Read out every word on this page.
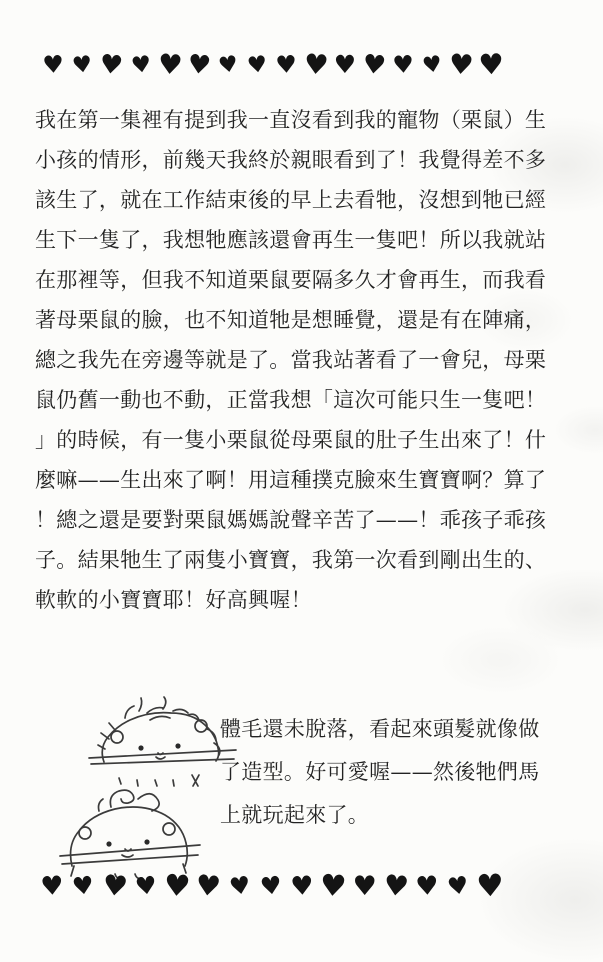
♥ ♥ ♥ ♥ ♥ ♥ ♥ ♥ ♥ ♥ ♥ ♥ ♥ ♥ ♥ ♥
我在第一集裡有提到我一直沒看到我的寵物（栗鼠）生
小孩的情形，前幾天我終於親眼看到了！我覺得差不多
該生了，就在工作結束後的早上去看牠，沒想到牠已經
生下一隻了，我想牠應該還會再生一隻吧！所以我就站
在那裡等，但我不知道栗鼠要隔多久才會再生，而我看
著母栗鼠的臉，也不知道牠是想睡覺，還是有在陣痛，
總之我先在旁邊等就是了。當我站著看了一會兒，母栗
鼠仍舊一動也不動，正當我想「這次可能只生一隻吧！
」的時候，有一隻小栗鼠從母栗鼠的肚子生出來了！什
麼嘛——生出來了啊！用這種撲克臉來生寶寶啊？算了
！總之還是要對栗鼠媽媽說聲辛苦了——！乖孩子乖孩
子。結果牠生了兩隻小寶寶，我第一次看到剛出生的、
軟軟的小寶寶耶！好高興喔！
體毛還未脫落，看起來頭髮就像做
了造型。好可愛喔——然後牠們馬
上就玩起來了。
♥ ♥ ♥ ♥ ♥ ♥ ♥ ♥ ♥ ♥ ♥ ♥ ♥ ♥ ♥
